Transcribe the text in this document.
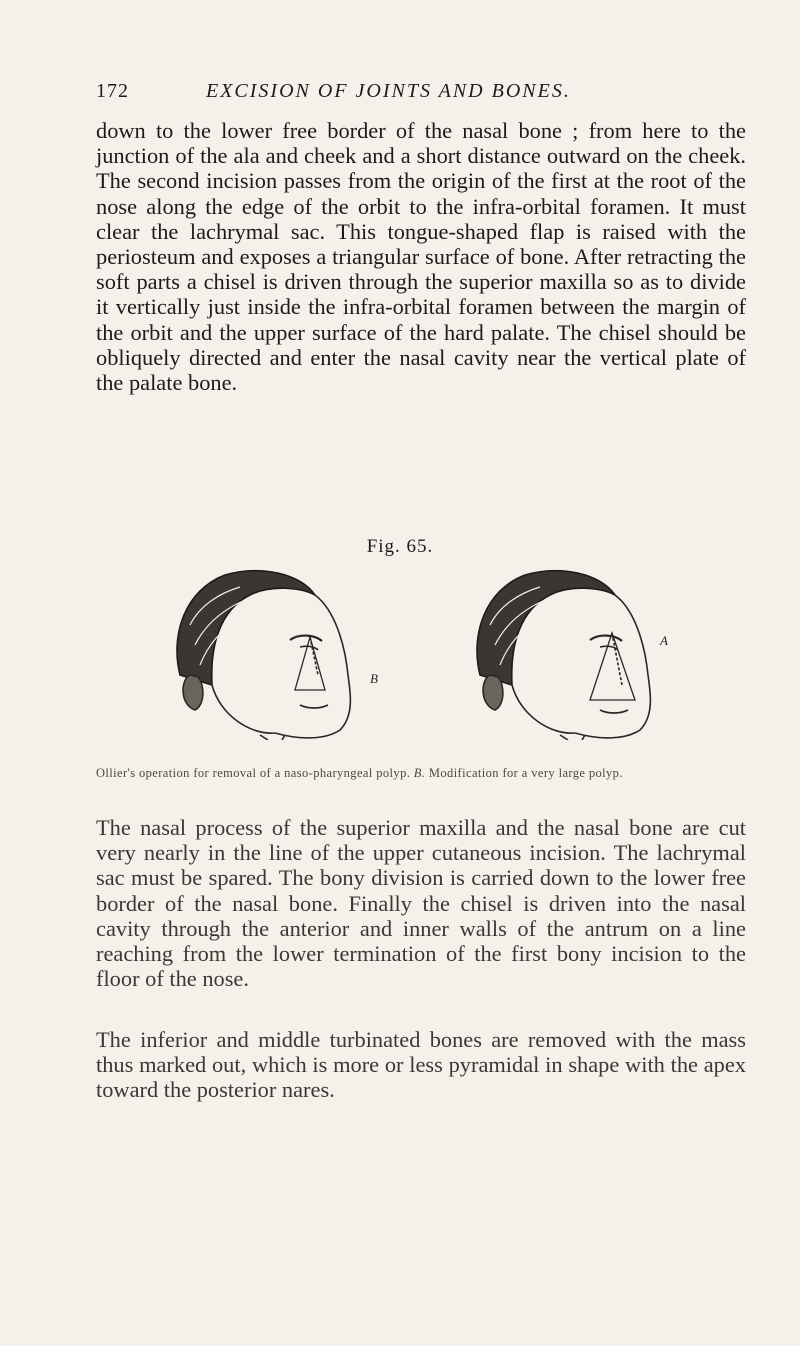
172	EXCISION OF JOINTS AND BONES.

down to the lower free border of the nasal bone ; from here to the junction of the ala and cheek and a short distance outward on the cheek. The second incision passes from the origin of the first at the root of the nose along the edge of the orbit to the infra-orbital foramen. It must clear the lachrymal sac. This tongue-shaped flap is raised with the periosteum and exposes a triangular surface of bone. After retracting the soft parts a chisel is driven through the superior maxilla so as to divide it vertically just inside the infra-orbital foramen between the margin of the orbit and the upper surface of the hard palate. The chisel should be obliquely directed and enter the nasal cavity near the vertical plate of the palate bone.

Fig. 65.
B
A
Ollier's operation for removal of a naso-pharyngeal polyp. B. Modification for a very large polyp.

The nasal process of the superior maxilla and the nasal bone are cut very nearly in the line of the upper cutaneous incision. The lachrymal sac must be spared. The bony division is carried down to the lower free border of the nasal bone. Finally the chisel is driven into the nasal cavity through the anterior and inner walls of the antrum on a line reaching from the lower termination of the first bony incision to the floor of the nose.

The inferior and middle turbinated bones are removed with the mass thus marked out, which is more or less pyramidal in shape with the apex toward the posterior nares.
